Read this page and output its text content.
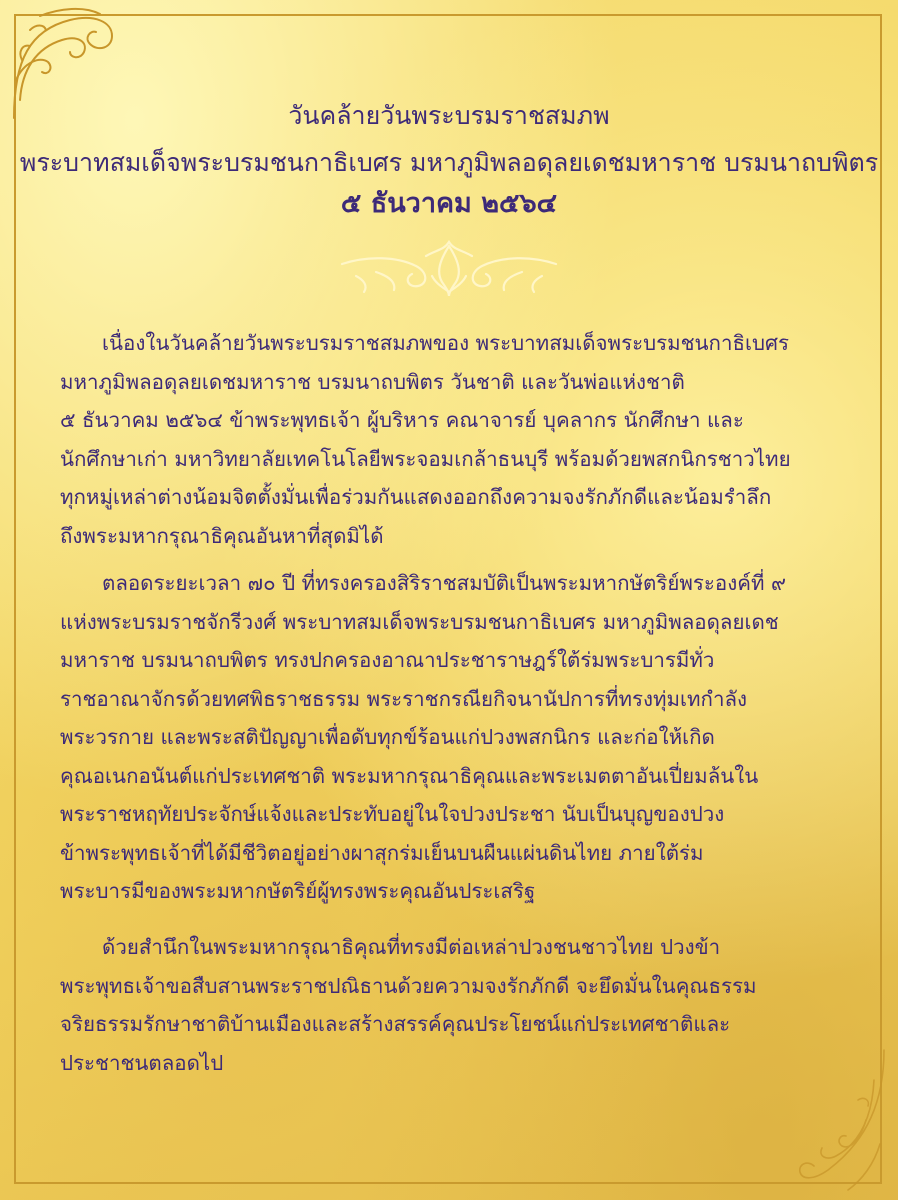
วันคล้ายวันพระบรมราชสมภพ
พระบาทสมเด็จพระบรมชนกาธิเบศร มหาภูมิพลอดุลยเดชมหาราช บรมนาถบพิตร
๕ ธันวาคม ๒๕๖๔
เนื่องในวันคล้ายวันพระบรมราชสมภพของ พระบาทสมเด็จพระบรมชนกาธิเบศร
มหาภูมิพลอดุลยเดชมหาราช บรมนาถบพิตร วันชาติ และวันพ่อแห่งชาติ
๕ ธันวาคม ๒๕๖๔ ข้าพระพุทธเจ้า ผู้บริหาร คณาจารย์ บุคลากร นักศึกษา และ
นักศึกษาเก่า มหาวิทยาลัยเทคโนโลยีพระจอมเกล้าธนบุรี พร้อมด้วยพสกนิกรชาวไทย
ทุกหมู่เหล่าต่างน้อมจิตตั้งมั่นเพื่อร่วมกันแสดงออกถึงความจงรักภักดีและน้อมรำลึก
ถึงพระมหากรุณาธิคุณอันหาที่สุดมิได้
ตลอดระยะเวลา ๗๐ ปี ที่ทรงครองสิริราชสมบัติเป็นพระมหากษัตริย์พระองค์ที่ ๙
แห่งพระบรมราชจักรีวงศ์ พระบาทสมเด็จพระบรมชนกาธิเบศร มหาภูมิพลอดุลยเดช
มหาราช บรมนาถบพิตร ทรงปกครองอาณาประชาราษฎร์ใต้ร่มพระบารมีทั่ว
ราชอาณาจักรด้วยทศพิธราชธรรม พระราชกรณียกิจนานัปการที่ทรงทุ่มเทกำลัง
พระวรกาย และพระสติปัญญาเพื่อดับทุกข์ร้อนแก่ปวงพสกนิกร และก่อให้เกิด
คุณอเนกอนันต์แก่ประเทศชาติ พระมหากรุณาธิคุณและพระเมตตาอันเปี่ยมล้นใน
พระราชหฤทัยประจักษ์แจ้งและประทับอยู่ในใจปวงประชา นับเป็นบุญของปวง
ข้าพระพุทธเจ้าที่ได้มีชีวิตอยู่อย่างผาสุกร่มเย็นบนผืนแผ่นดินไทย ภายใต้ร่ม
พระบารมีของพระมหากษัตริย์ผู้ทรงพระคุณอันประเสริฐ
ด้วยสำนึกในพระมหากรุณาธิคุณที่ทรงมีต่อเหล่าปวงชนชาวไทย ปวงข้า
พระพุทธเจ้าขอสืบสานพระราชปณิธานด้วยความจงรักภักดี จะยึดมั่นในคุณธรรม
จริยธรรมรักษาชาติบ้านเมืองและสร้างสรรค์คุณประโยชน์แก่ประเทศชาติและ
ประชาชนตลอดไป
